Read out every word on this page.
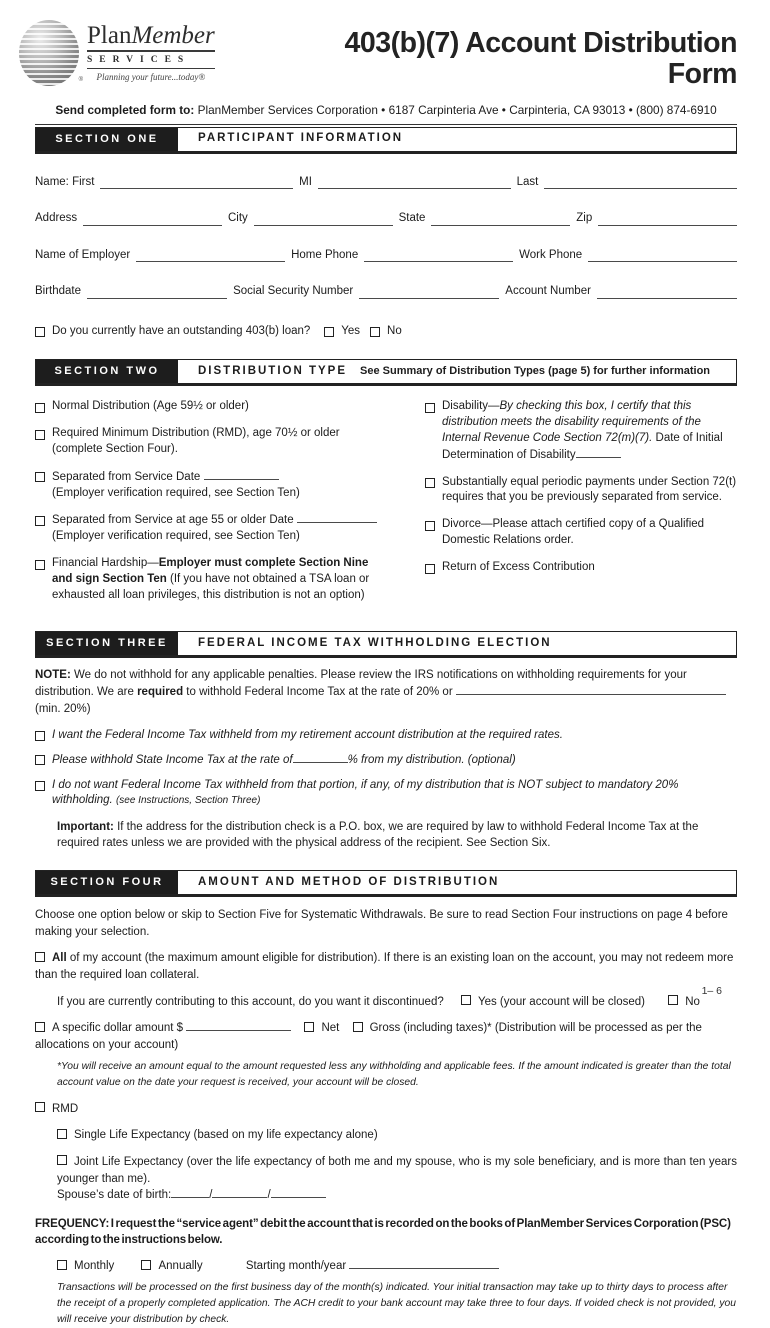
®
PlanMember
SERVICES
Planning your future...today®
403(b)(7) Account Distribution
Form
Send completed form to: PlanMember Services Corporation • 6187 Carpinteria Ave • Carpinteria, CA 93013 • (800) 874-6910
SECTION ONE	PARTICIPANT INFORMATION
Name: First	MI	Last
Address	City	State	Zip
Name of Employer	Home Phone	Work Phone
Birthdate	Social Security Number	Account Number
Do you currently have an outstanding 403(b) loan?	Yes No
SECTION TWO	DISTRIBUTION TYPE	See Summary of Distribution Types (page 5) for further information
Normal Distribution (Age 59½ or older)
Required Minimum Distribution (RMD), age 70½ or older
(complete Section Four).
Separated from Service Date
(Employer verification required, see Section Ten)
Separated from Service at age 55 or older Date
(Employer verification required, see Section Ten)
Financial Hardship—Employer must complete Section Nine and sign Section Ten (If you have not obtained a TSA loan or exhausted all loan privileges, this distribution is not an option)
Disability—By checking this box, I certify that this distribution meets the disability requirements of the Internal Revenue Code Section 72(m)(7). Date of Initial Determination of Disability
Substantially equal periodic payments under Section 72(t) requires that you be previously separated from service.
Divorce—Please attach certified copy of a Qualified Domestic Relations order.
Return of Excess Contribution
SECTION THREE	FEDERAL INCOME TAX WITHHOLDING ELECTION

NOTE: We do not withhold for any applicable penalties. Please review the IRS notifications on withholding requirements for your distribution. We are required to withhold Federal Income Tax at the rate of 20% or  (min. 20%)

I want the Federal Income Tax withheld from my retirement account distribution at the required rates.
Please withhold State Income Tax at the rate of	% from my distribution. (optional)
I do not want Federal Income Tax withheld from that portion, if any, of my distribution that is NOT subject to mandatory 20% withholding. (see Instructions, Section Three)

Important: If the address for the distribution check is a P.O. box, we are required by law to withhold Federal Income Tax at the required rates unless we are provided with the physical address of the recipient. See Section Six.

SECTION FOUR	AMOUNT AND METHOD OF DISTRIBUTION

Choose one option below or skip to Section Five for Systematic Withdrawals. Be sure to read Section Four instructions on page 4 before making your selection.

All of my account (the maximum amount eligible for distribution). If there is an existing loan on the account, you may not redeem more than the required loan collateral.

If you are currently contributing to this account, do you want it discontinued?	Yes (your account will be closed)	No

A specific dollar amount $	Net	Gross (including taxes)* (Distribution will be processed as per the allocations on your account)

*You will receive an amount equal to the amount requested less any withholding and applicable fees. If the amount indicated is greater than the total account value on the date your request is received, your account will be closed.

RMD

Single Life Expectancy (based on my life expectancy alone)

Joint Life Expectancy (over the life expectancy of both me and my spouse, who is my sole beneficiary, and is more than ten years younger than me).
Spouse’s date of birth:	/	/

FREQUENCY: I request the “service agent” debit the account that is recorded on the books of PlanMember Services Corporation (PSC) according to the instructions below.

Monthly	Annually	Starting month/year

Transactions will be processed on the first business day of the month(s) indicated. Your initial transaction may take up to thirty days to process after the receipt of a properly completed application. The ACH credit to your bank account may take three to four days. If voided check is not provided, you will receive your distribution by check.

1– 6
